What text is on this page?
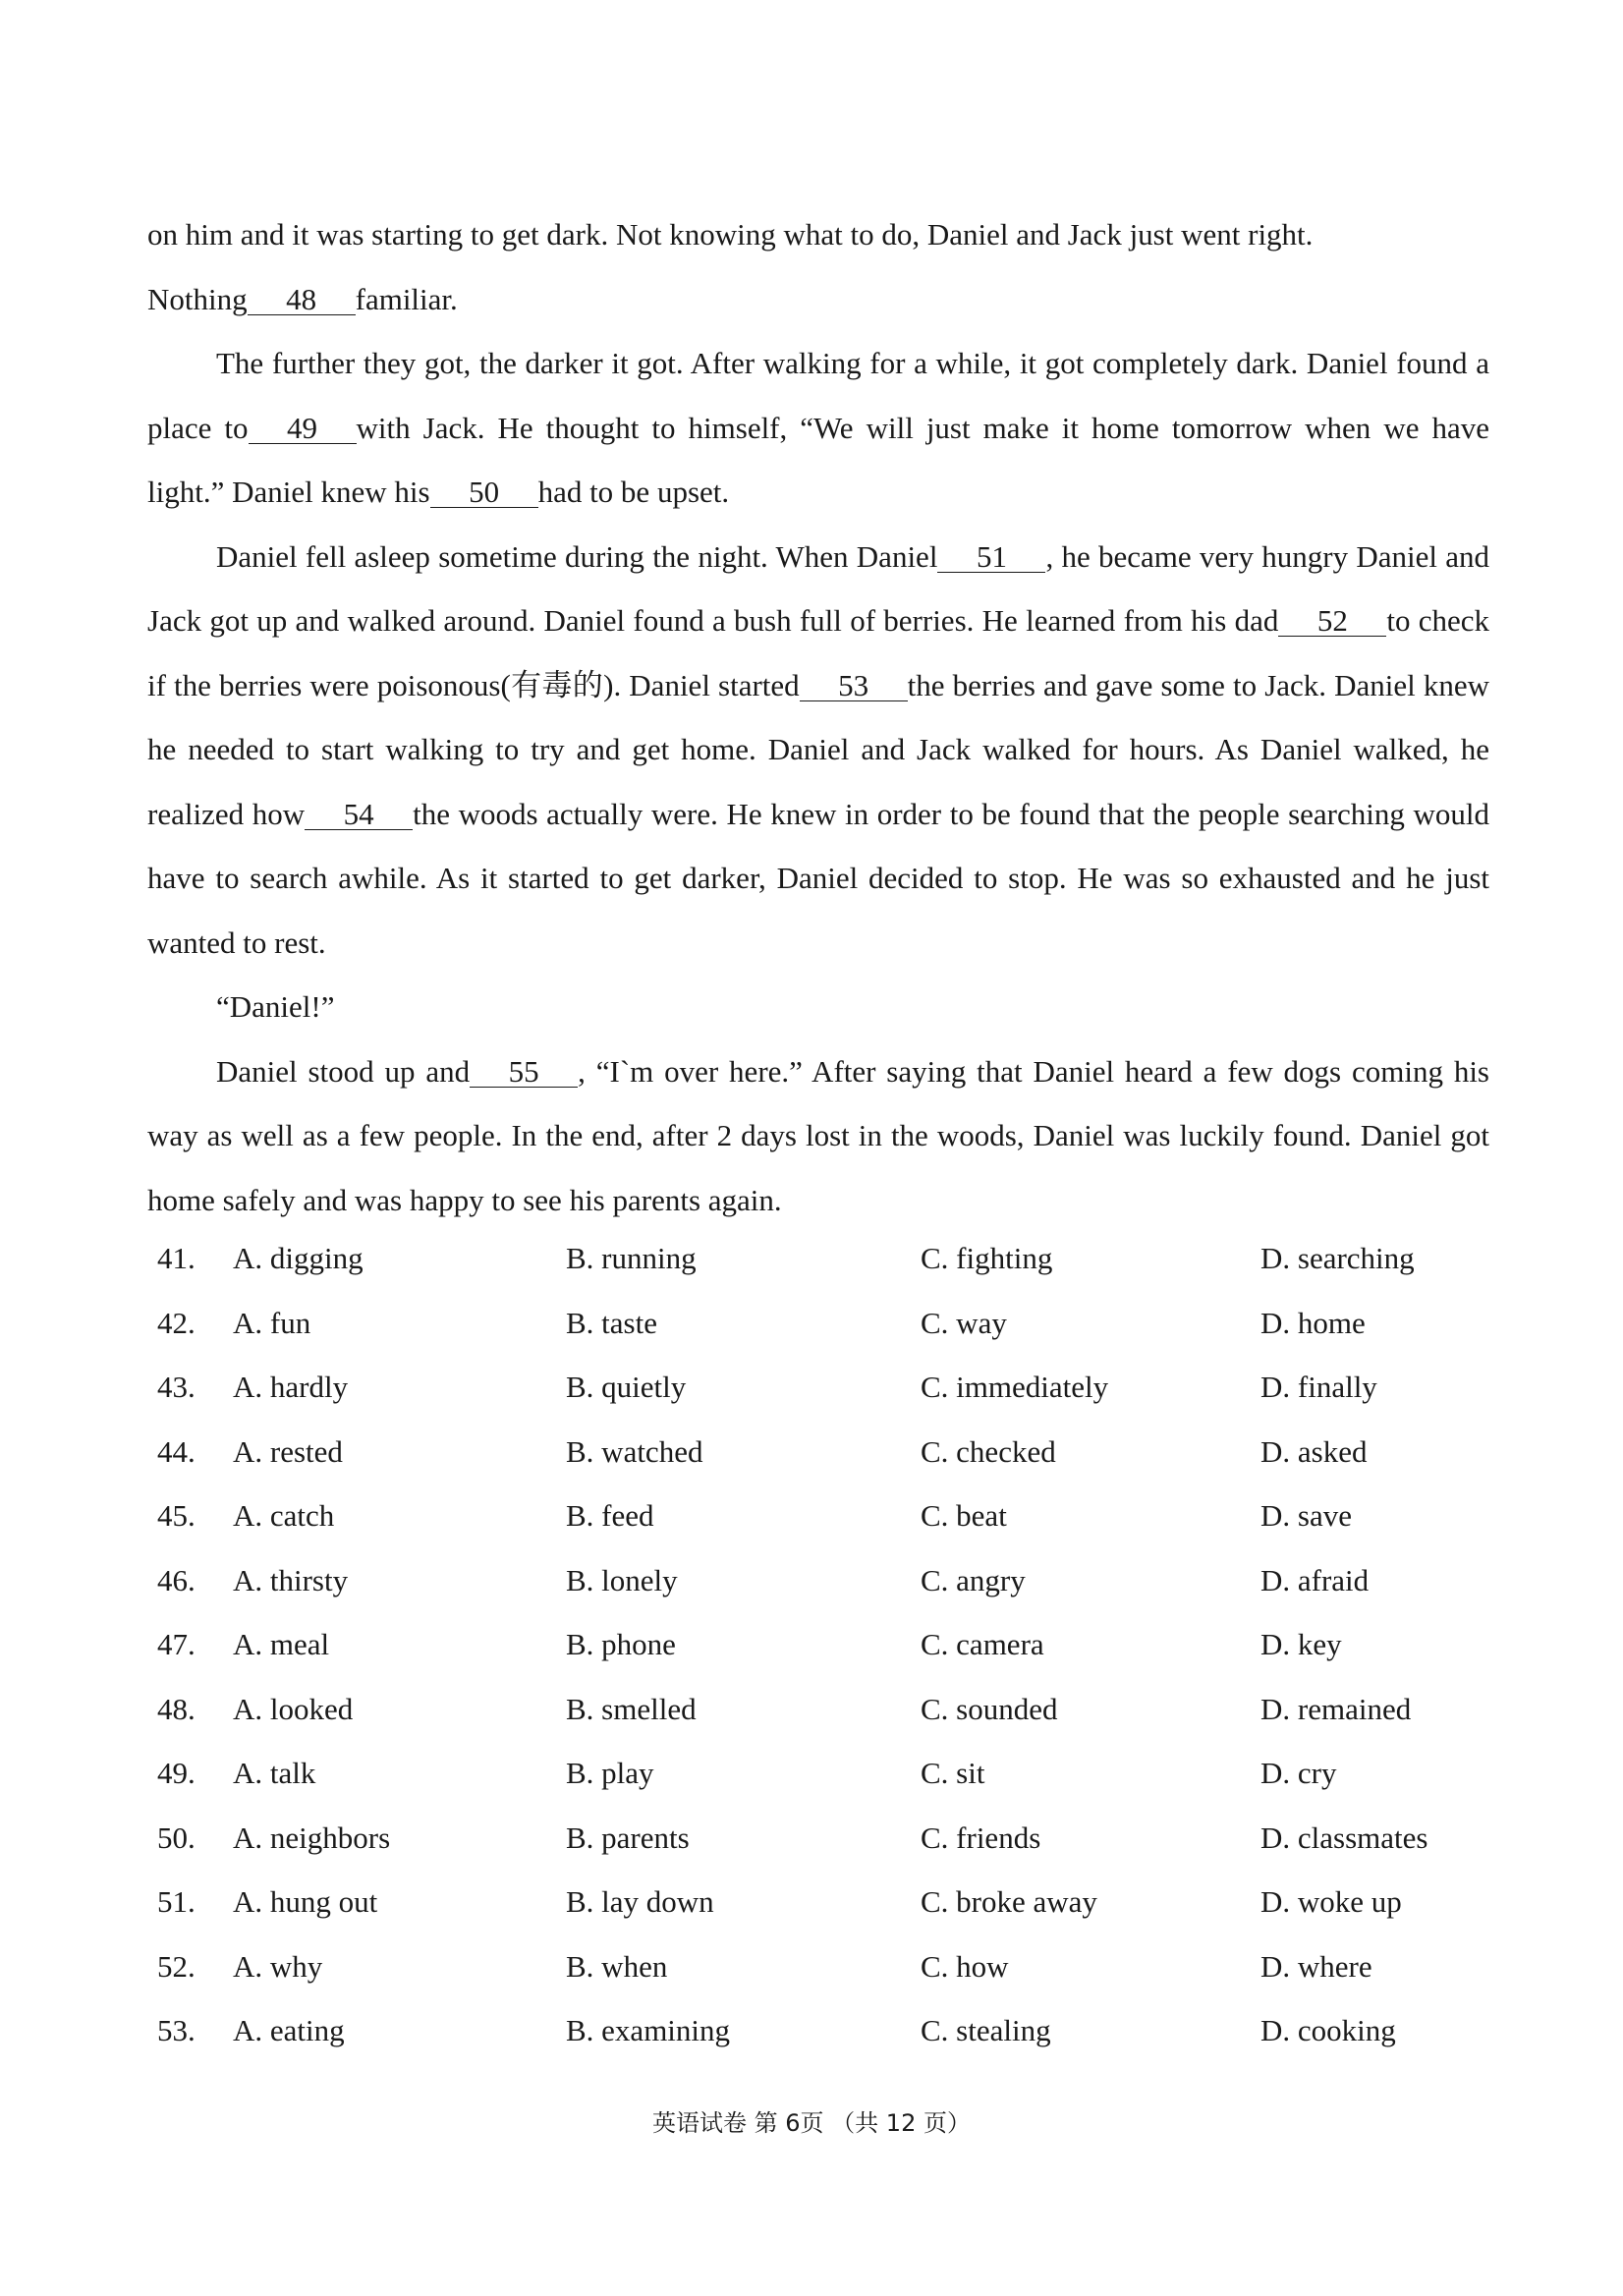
on him and it was starting to get dark. Not knowing what to do, Daniel and Jack just went right.
Nothing 48 familiar.

The further they got, the darker it got. After walking for a while, it got completely dark. Daniel found a place to 49 with Jack. He thought to himself, “We will just make it home tomorrow when we have light.” Daniel knew his 50 had to be upset.

Daniel fell asleep sometime during the night. When Daniel 51 , he became very hungry Daniel and Jack got up and walked around. Daniel found a bush full of berries. He learned from his dad 52 to check if the berries were poisonous(有毒的). Daniel started 53 the berries and gave some to Jack. Daniel knew he needed to start walking to try and get home. Daniel and Jack walked for hours. As Daniel walked, he realized how 54 the woods actually were. He knew in order to be found that the people searching would have to search awhile. As it started to get darker, Daniel decided to stop. He was so exhausted and he just wanted to rest.

“Daniel!”

Daniel stood up and 55 , “I`m over here.” After saying that Daniel heard a few dogs coming his way as well as a few people. In the end, after 2 days lost in the woods, Daniel was luckily found. Daniel got home safely and was happy to see his parents again.

41. A. digging	B. running	C. fighting	D. searching
42. A. fun	B. taste	C. way	D. home
43. A. hardly	B. quietly	C. immediately	D. finally
44. A. rested	B. watched	C. checked	D. asked
45. A. catch	B. feed	C. beat	D. save
46. A. thirsty	B. lonely	C. angry	D. afraid
47. A. meal	B. phone	C. camera	D. key
48. A. looked	B. smelled	C. sounded	D. remained
49. A. talk	B. play	C. sit	D. cry
50. A. neighbors	B. parents	C. friends	D. classmates
51. A. hung out	B. lay down	C. broke away	D. woke up
52. A. why	B. when	C. how	D. where
53. A. eating	B. examining	C. stealing	D. cooking
英语试卷 第 6页 （共 12 页）
